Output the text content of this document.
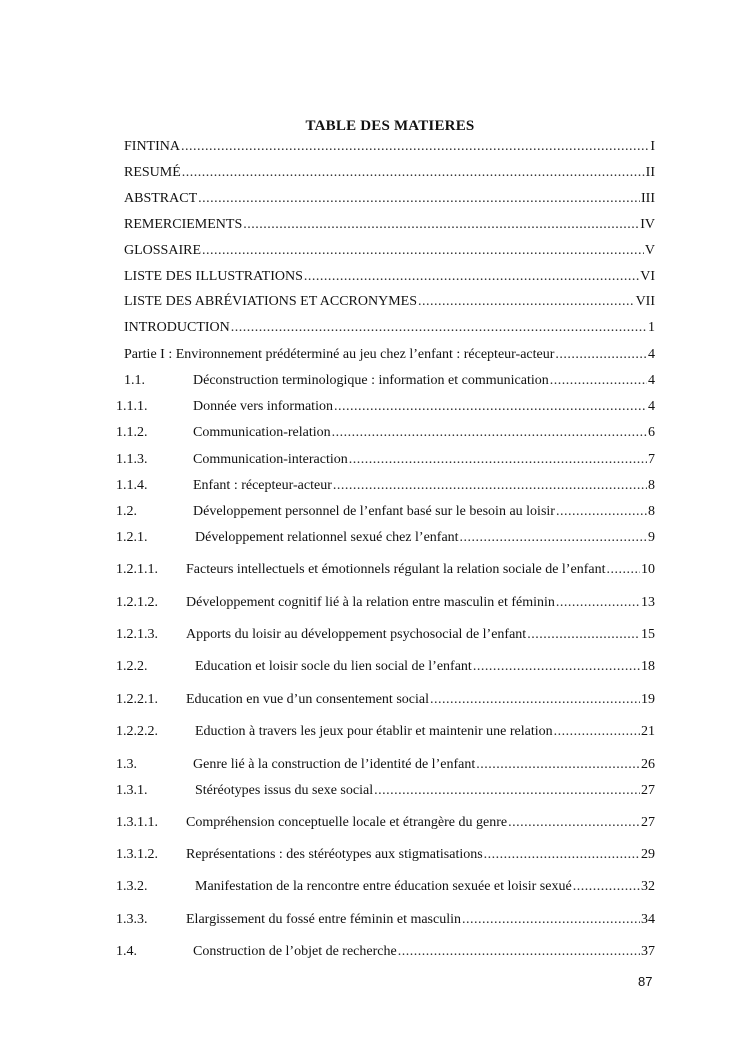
TABLE DES MATIERES
FINTINA .....	I
RESUMÉ .....	II
ABSTRACT .....	III
REMERCIEMENTS .....	IV
GLOSSAIRE .....	V
LISTE DES ILLUSTRATIONS .....	VI
LISTE DES ABRÉVIATIONS ET ACCRONYMES .....	VII
INTRODUCTION .....	1
Partie I : Environnement prédéterminé au jeu chez l’enfant : récepteur-acteur .....	4
1.1.	Déconstruction terminologique : information et communication .....	4
1.1.1.	Donnée vers information .....	4
1.1.2.	Communication-relation .....	6
1.1.3.	Communication-interaction .....	7
1.1.4.	Enfant : récepteur-acteur .....	8
1.2.	Développement personnel de l’enfant basé sur le besoin au loisir .....	8
1.2.1.	Développement relationnel sexué chez l’enfant .....	9
1.2.1.1. Facteurs intellectuels et émotionnels régulant la relation sociale de l’enfant .....	10
1.2.1.2. Développement cognitif lié à la relation entre masculin et féminin .....	13
1.2.1.3. Apports du loisir au développement psychosocial de l’enfant .....	15
1.2.2.	Education et loisir socle du lien social de l’enfant .....	18
1.2.2.1. Education en vue d’un consentement social .....	19
1.2.2.2.	Eduction à travers les jeux pour établir et maintenir une relation .....	21
1.3.	Genre lié à la construction de l’identité de l’enfant .....	26
1.3.1.	Stéréotypes issus du sexe social .....	27
1.3.1.1. Compréhension conceptuelle locale et étrangère du genre .....	27
1.3.1.2. Représentations : des stéréotypes aux stigmatisations .....	29
1.3.2.	Manifestation de la rencontre entre éducation sexuée et loisir sexué .....	32
1.3.3.	Elargissement du fossé entre féminin et masculin .....	34
1.4.	Construction de l’objet de recherche .....	37
87
